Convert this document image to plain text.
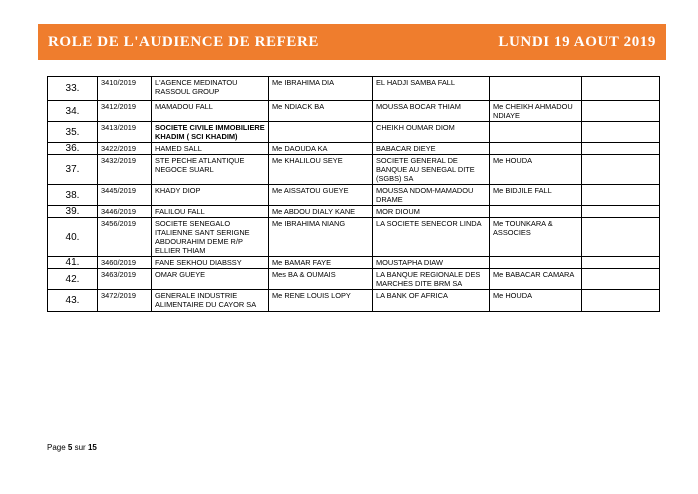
ROLE DE L'AUDIENCE DE REFERE	LUNDI 19 AOUT 2019
33.	3410/2019	L'AGENCE MEDINATOU RASSOUL GROUP	Me IBRAHIMA DIA	EL HADJI SAMBA FALL		
34.	3412/2019	MAMADOU FALL	Me NDIACK BA	MOUSSA BOCAR THIAM	Me CHEIKH AHMADOU NDIAYE	
35.	3413/2019	SOCIETE CIVILE IMMOBILIERE KHADIM ( SCI KHADIM)		CHEIKH OUMAR DIOM		
36.	3422/2019	HAMED SALL	Me DAOUDA KA	BABACAR DIEYE		
37.	3432/2019	STE PECHE ATLANTIQUE NEGOCE SUARL	Me KHALILOU SEYE	SOCIETE GENERAL DE BANQUE AU SENEGAL DITE (SGBS) SA	Me HOUDA	
38.	3445/2019	KHADY DIOP	Me AISSATOU GUEYE	MOUSSA NDOM-MAMADOU DRAME	Me BIDJILE FALL	
39.	3446/2019	FALILOU FALL	Me ABDOU DIALY KANE	MOR DIOUM		
40.	3456/2019	SOCIETE SENEGALO ITALIENNE SANT SERIGNE ABDOURAHIM DEME R/P ELLIER THIAM	Me IBRAHIMA NIANG	LA SOCIETE SENECOR LINDA	Me TOUNKARA & ASSOCIES	
41.	3460/2019	FANE SEKHOU DIABSSY	Me BAMAR FAYE	MOUSTAPHA DIAW		
42.	3463/2019	OMAR GUEYE	Mes BA & OUMAIS	LA BANQUE REGIONALE DES MARCHES DITE BRM SA	Me BABACAR CAMARA	
43.	3472/2019	GENERALE INDUSTRIE ALIMENTAIRE DU CAYOR SA	Me RENE LOUIS LOPY	LA BANK OF AFRICA	Me HOUDA	
Page 5 sur 15
